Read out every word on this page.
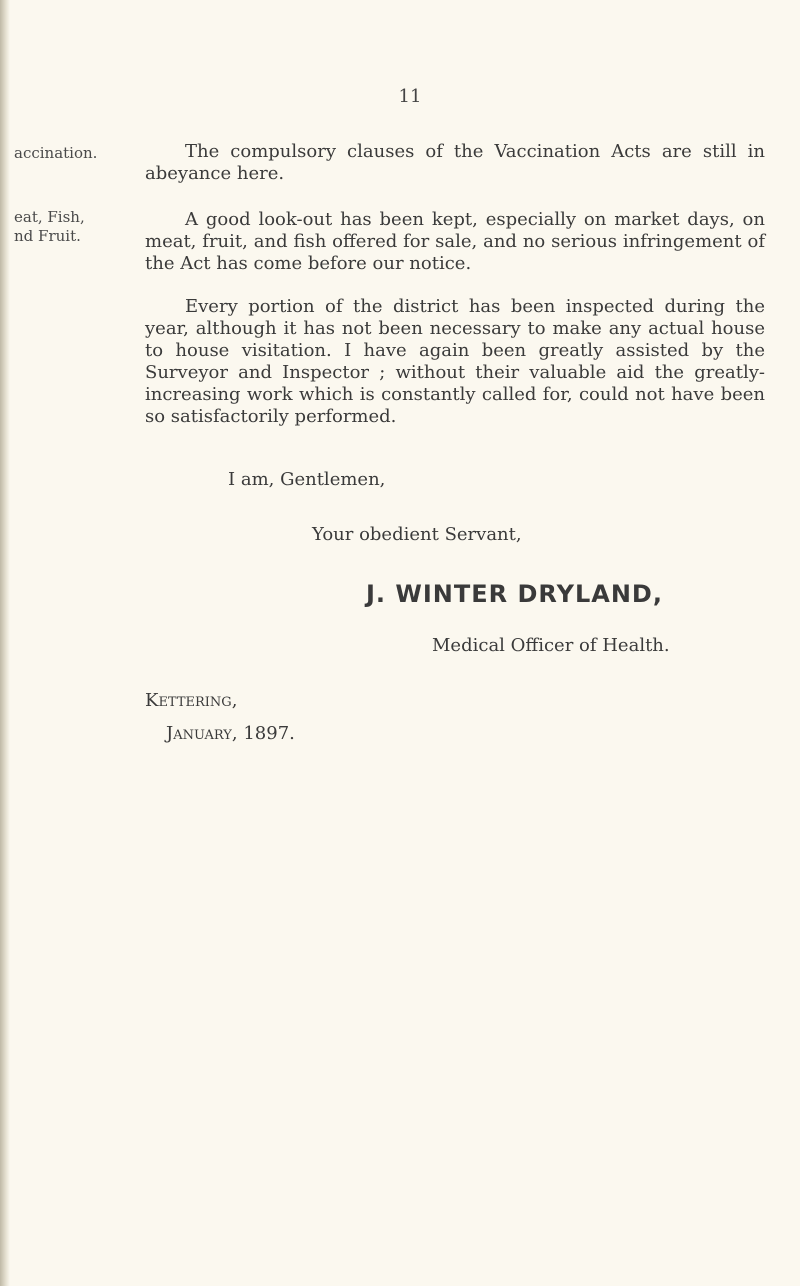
11
accination.
eat, Fish,
nd Fruit.
The compulsory clauses of the Vaccination Acts are still in abeyance here.
A good look-out has been kept, especially on market days, on meat, fruit, and fish offered for sale, and no serious infringement of the Act has come before our notice.
Every portion of the district has been inspected during the year, although it has not been necessary to make any actual house to house visitation. I have again been greatly assisted by the Surveyor and Inspector ; without their valuable aid the greatly-increasing work which is constantly called for, could not have been so satisfactorily performed.
I am, Gentlemen,
Your obedient Servant,
J. WINTER DRYLAND,
Medical Officer of Health.
Kettering,
January, 1897.
